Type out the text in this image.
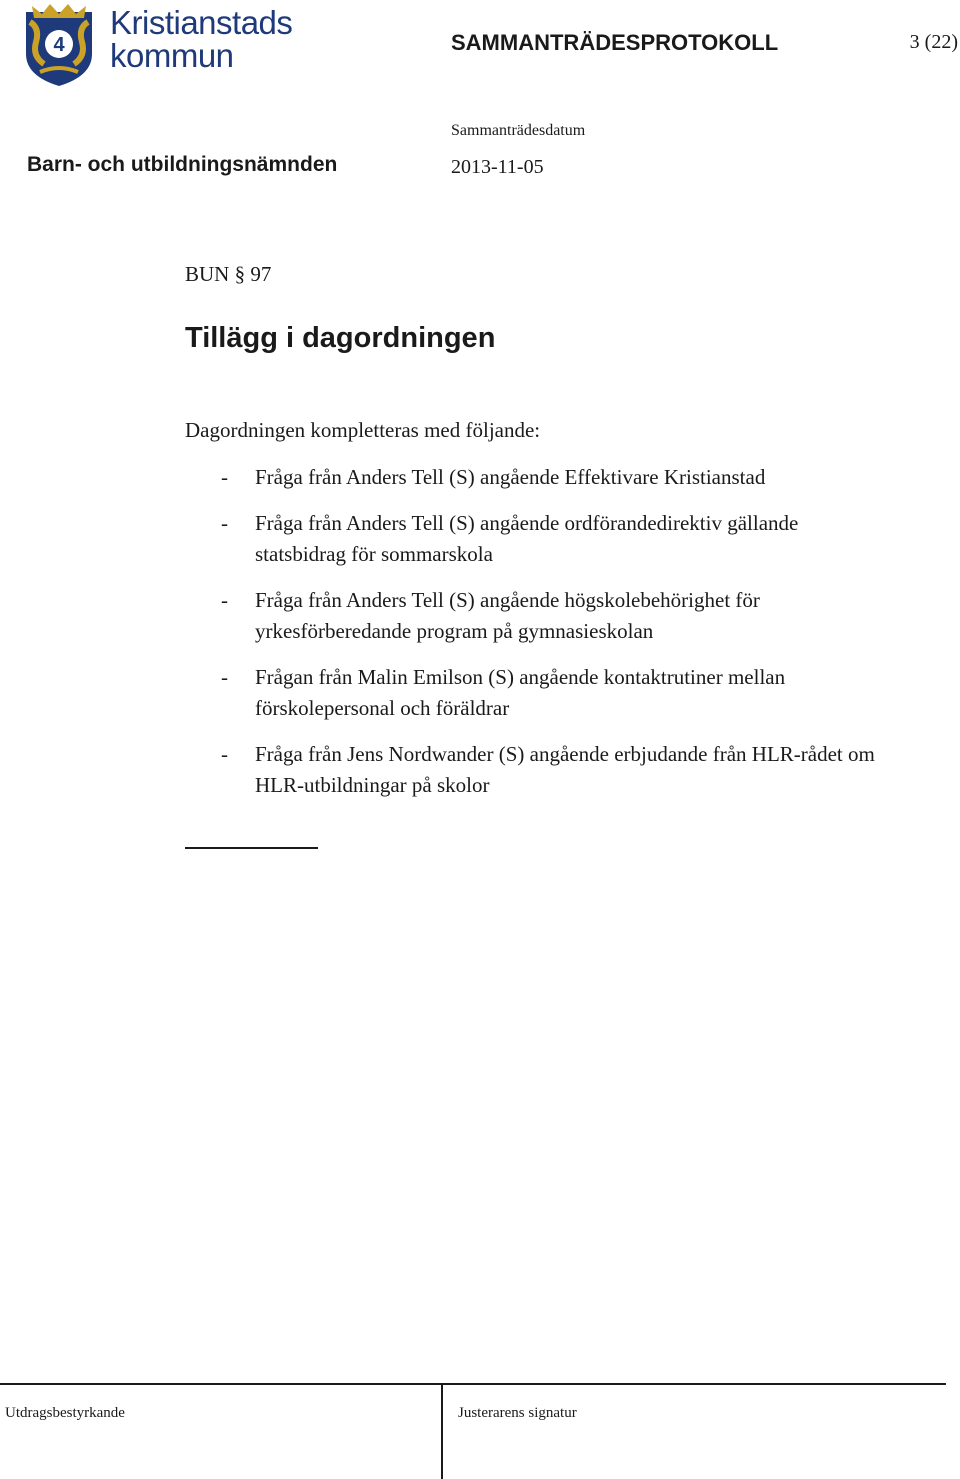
4
Kristianstads
kommun	SAMMANTRÄDESPROTOKOLL	3 (22)
Sammanträdesdatum
Barn- och utbildningsnämnden	2013-11-05
BUN § 97
Tillägg i dagordningen
Dagordningen kompletteras med följande:
- Fråga från Anders Tell (S) angående Effektivare Kristianstad
- Fråga från Anders Tell (S) angående ordförandedirektiv gällande statsbidrag för sommarskola
- Fråga från Anders Tell (S) angående högskolebehörighet för yrkesförberedande program på gymnasieskolan
- Frågan från Malin Emilson (S) angående kontaktrutiner mellan förskolepersonal och föräldrar
- Fråga från Jens Nordwander (S) angående erbjudande från HLR-rådet om HLR-utbildningar på skolor
Utdragsbestyrkande	Justerarens signatur
